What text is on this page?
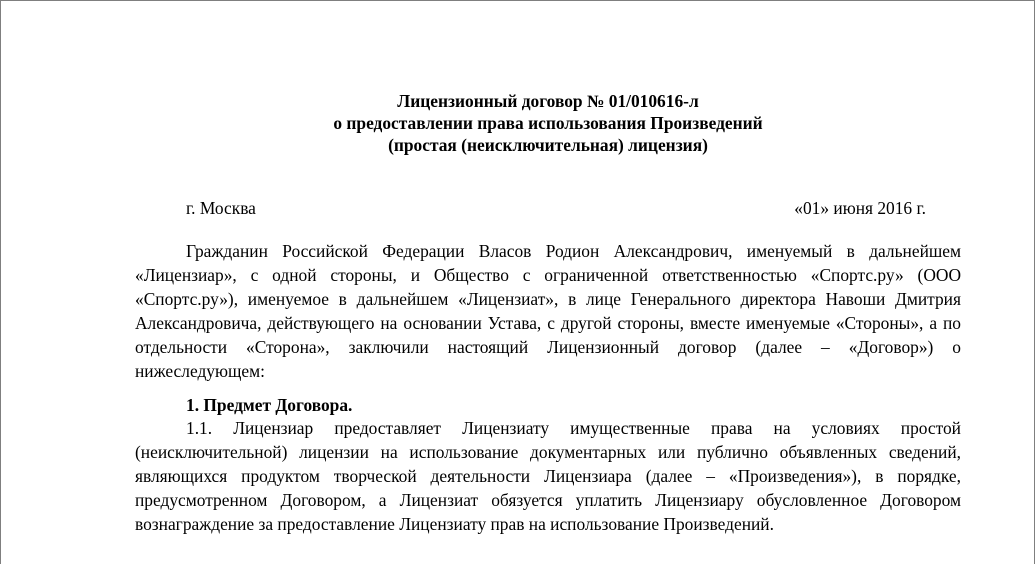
Лицензионный договор № 01/010616-л
о предоставлении права использования Произведений
(простая (неисключительная) лицензия)
г. Москва	«01» июня 2016 г.
Гражданин Российской Федерации Власов Родион Александрович, именуемый в дальнейшем «Лицензиар», с одной стороны, и Общество с ограниченной ответственностью «Спортс.ру» (ООО «Спортс.ру»), именуемое в дальнейшем «Лицензиат», в лице Генерального директора Навоши Дмитрия Александровича, действующего на основании Устава, с другой стороны, вместе именуемые «Стороны», а по отдельности «Сторона», заключили настоящий Лицензионный договор (далее – «Договор») о нижеследующем:
1. Предмет Договора.
1.1. Лицензиар предоставляет Лицензиату имущественные права на условиях простой (неисключительной) лицензии на использование документарных или публично объявленных сведений, являющихся продуктом творческой деятельности Лицензиара (далее – «Произведения»), в порядке, предусмотренном Договором, а Лицензиат обязуется уплатить Лицензиару обусловленное Договором вознаграждение за предоставление Лицензиату прав на использование Произведений.
